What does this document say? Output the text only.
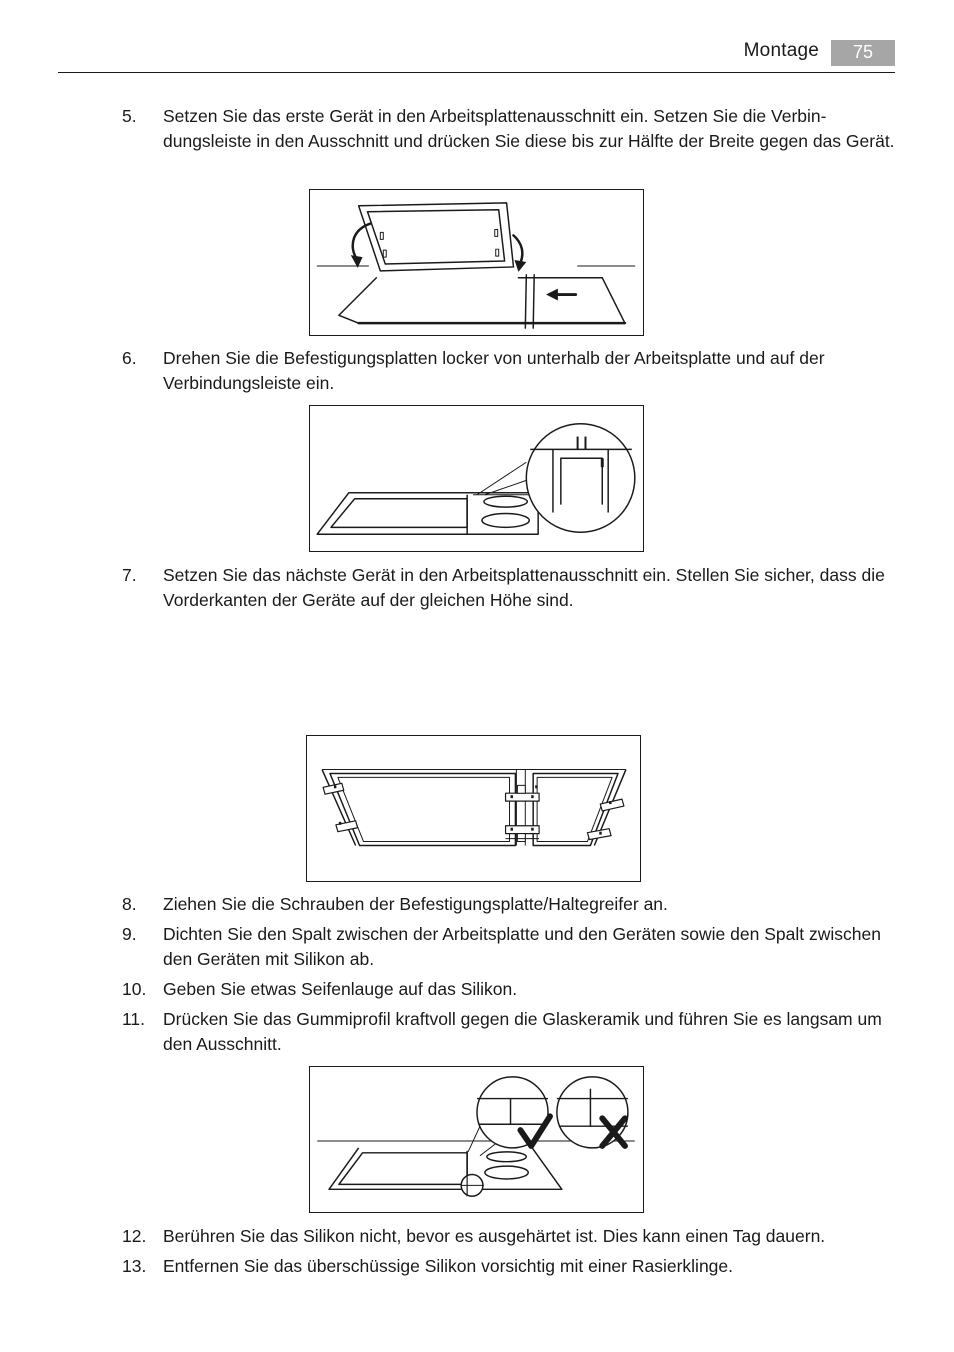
Montage	75
5. Setzen Sie das erste Gerät in den Arbeitsplattenausschnitt ein. Setzen Sie die Verbindungsleiste in den Ausschnitt und drücken Sie diese bis zur Hälfte der Breite gegen das Gerät.
6. Drehen Sie die Befestigungsplatten locker von unterhalb der Arbeitsplatte und auf der Verbindungsleiste ein.
7. Setzen Sie das nächste Gerät in den Arbeitsplattenausschnitt ein. Stellen Sie sicher, dass die Vorderkanten der Geräte auf der gleichen Höhe sind.
8. Ziehen Sie die Schrauben der Befestigungsplatte/Haltegreifer an.
9. Dichten Sie den Spalt zwischen der Arbeitsplatte und den Geräten sowie den Spalt zwischen den Geräten mit Silikon ab.
10. Geben Sie etwas Seifenlauge auf das Silikon.
11. Drücken Sie das Gummiprofil kraftvoll gegen die Glaskeramik und führen Sie es langsam um den Ausschnitt.
12. Berühren Sie das Silikon nicht, bevor es ausgehärtet ist. Dies kann einen Tag dauern.
13. Entfernen Sie das überschüssige Silikon vorsichtig mit einer Rasierklinge.
